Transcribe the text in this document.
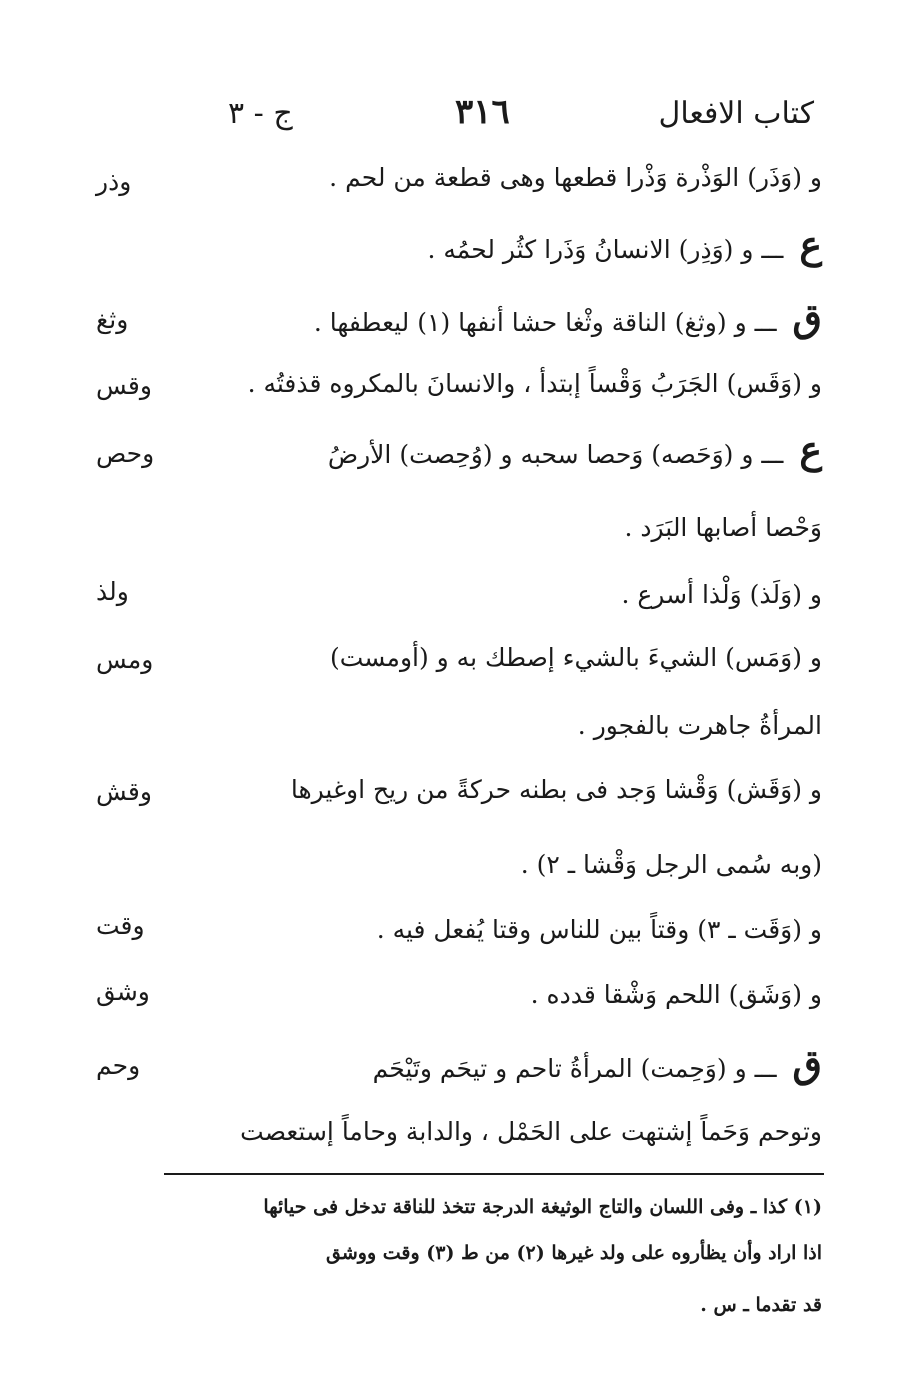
كتاب الافعال
٣١٦
ج - ٣
و (وَذَر) الوَذْرة وَذْرا قطعها وهى قطعة من لحم .
ع ـــ و (وَذِر) الانسانُ وَذَرا كثُر لحمُه .
ق ـــ و (وثغ) الناقة وثْغا حشا أنفها (١) ليعطفها .
و (وَقَس) الجَرَبُ وَقْساً إبتدأ ، والانسانَ بالمكروه قذفتُه .
ع ـــ و (وَحَصه) وَحصا سحبه و (وُحِصت) الأرضُ
وَحْصا أصابها البَرَد .
و (وَلَذ) وَلْذا أسرع .
و (وَمَس) الشيءَ بالشيء إصطك به و (أومست)
المرأةُ جاهرت بالفجور .
و (وَقَش) وَقْشا وَجد فى بطنه حركةً من ريح اوغيرها
(وبه سُمى الرجل وَقْشا ـ ٢) .
و (وَقَت ـ ٣) وقتاً بين للناس وقتا يُفعل فيه .
و (وَشَق) اللحم وَشْقا قدده .
ق ـــ و (وَحِمت) المرأةُ تاحم و تيحَم وتَيْحَم
وتوحم وَحَماً إشتهت على الحَمْل ، والدابة وحاماً إستعصت
وذر
وثغ
وقس
وحص
ولذ
ومس
وقش
وقت
وشق
وحم
(١) كذا ـ وفى اللسان والتاج الوثيغة الدرجة تتخذ للناقة تدخل فى حيائها
اذا اراد وأن يظأروه على ولد غيرها (٢) من ط (٣) وقت ووشق
قد تقدما ـ س .
